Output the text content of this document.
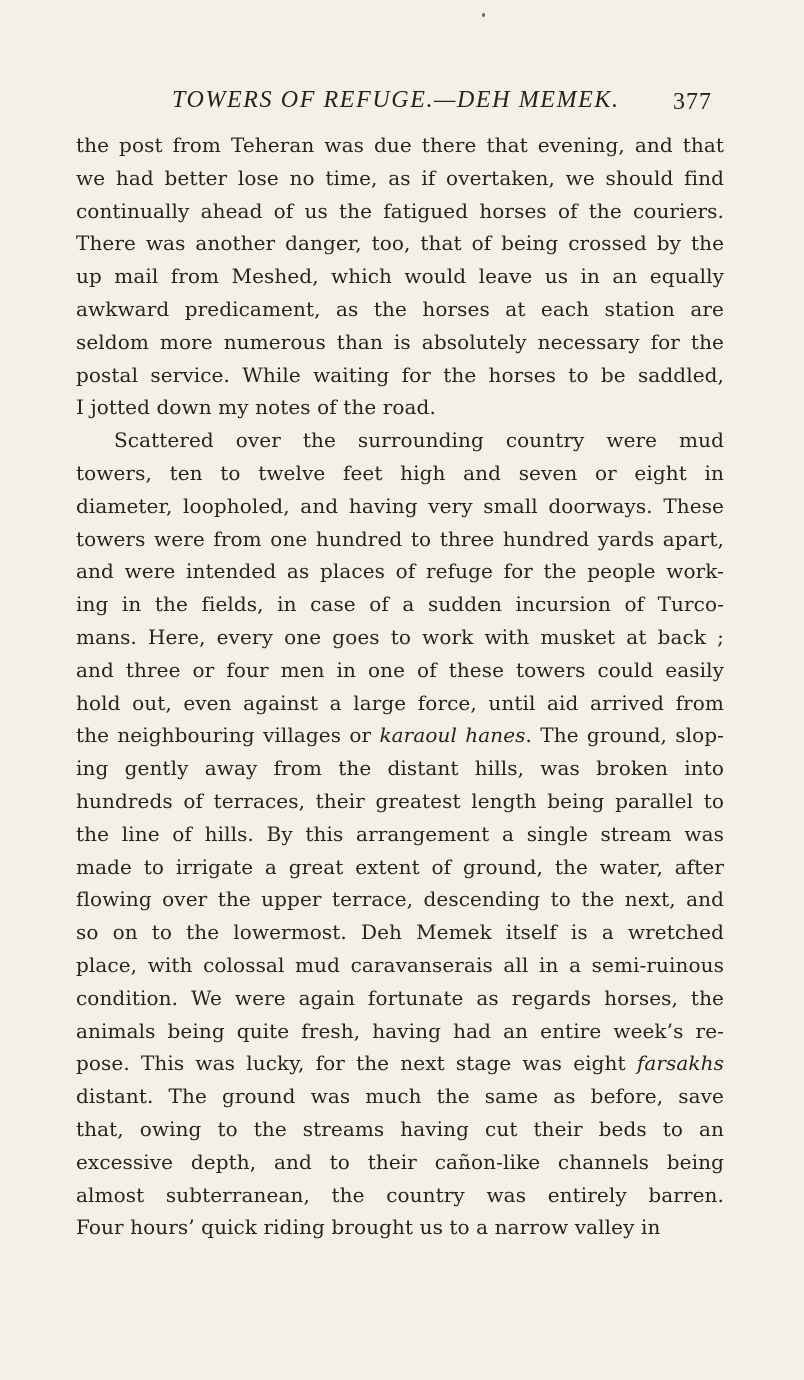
TOWERS OF REFUGE.—DEH MEMEK. 377
the post from Teheran was due there that evening, and that
we had better lose no time, as if overtaken, we should find
continually ahead of us the fatigued horses of the couriers.
There was another danger, too, that of being crossed by the
up mail from Meshed, which would leave us in an equally
awkward predicament, as the horses at each station are
seldom more numerous than is absolutely necessary for the
postal service. While waiting for the horses to be saddled,
I jotted down my notes of the road.
Scattered over the surrounding country were mud
towers, ten to twelve feet high and seven or eight in
diameter, loopholed, and having very small doorways. These
towers were from one hundred to three hundred yards apart,
and were intended as places of refuge for the people work-
ing in the fields, in case of a sudden incursion of Turco-
mans. Here, every one goes to work with musket at back ;
and three or four men in one of these towers could easily
hold out, even against a large force, until aid arrived from
the neighbouring villages or karaoul hanes. The ground, slop-
ing gently away from the distant hills, was broken into
hundreds of terraces, their greatest length being parallel to
the line of hills. By this arrangement a single stream was
made to irrigate a great extent of ground, the water, after
flowing over the upper terrace, descending to the next, and
so on to the lowermost. Deh Memek itself is a wretched
place, with colossal mud caravanserais all in a semi-ruinous
condition. We were again fortunate as regards horses, the
animals being quite fresh, having had an entire week’s re-
pose. This was lucky, for the next stage was eight farsakhs
distant. The ground was much the same as before, save
that, owing to the streams having cut their beds to an
excessive depth, and to their cañon-like channels being
almost subterranean, the country was entirely barren.
Four hours’ quick riding brought us to a narrow valley in
